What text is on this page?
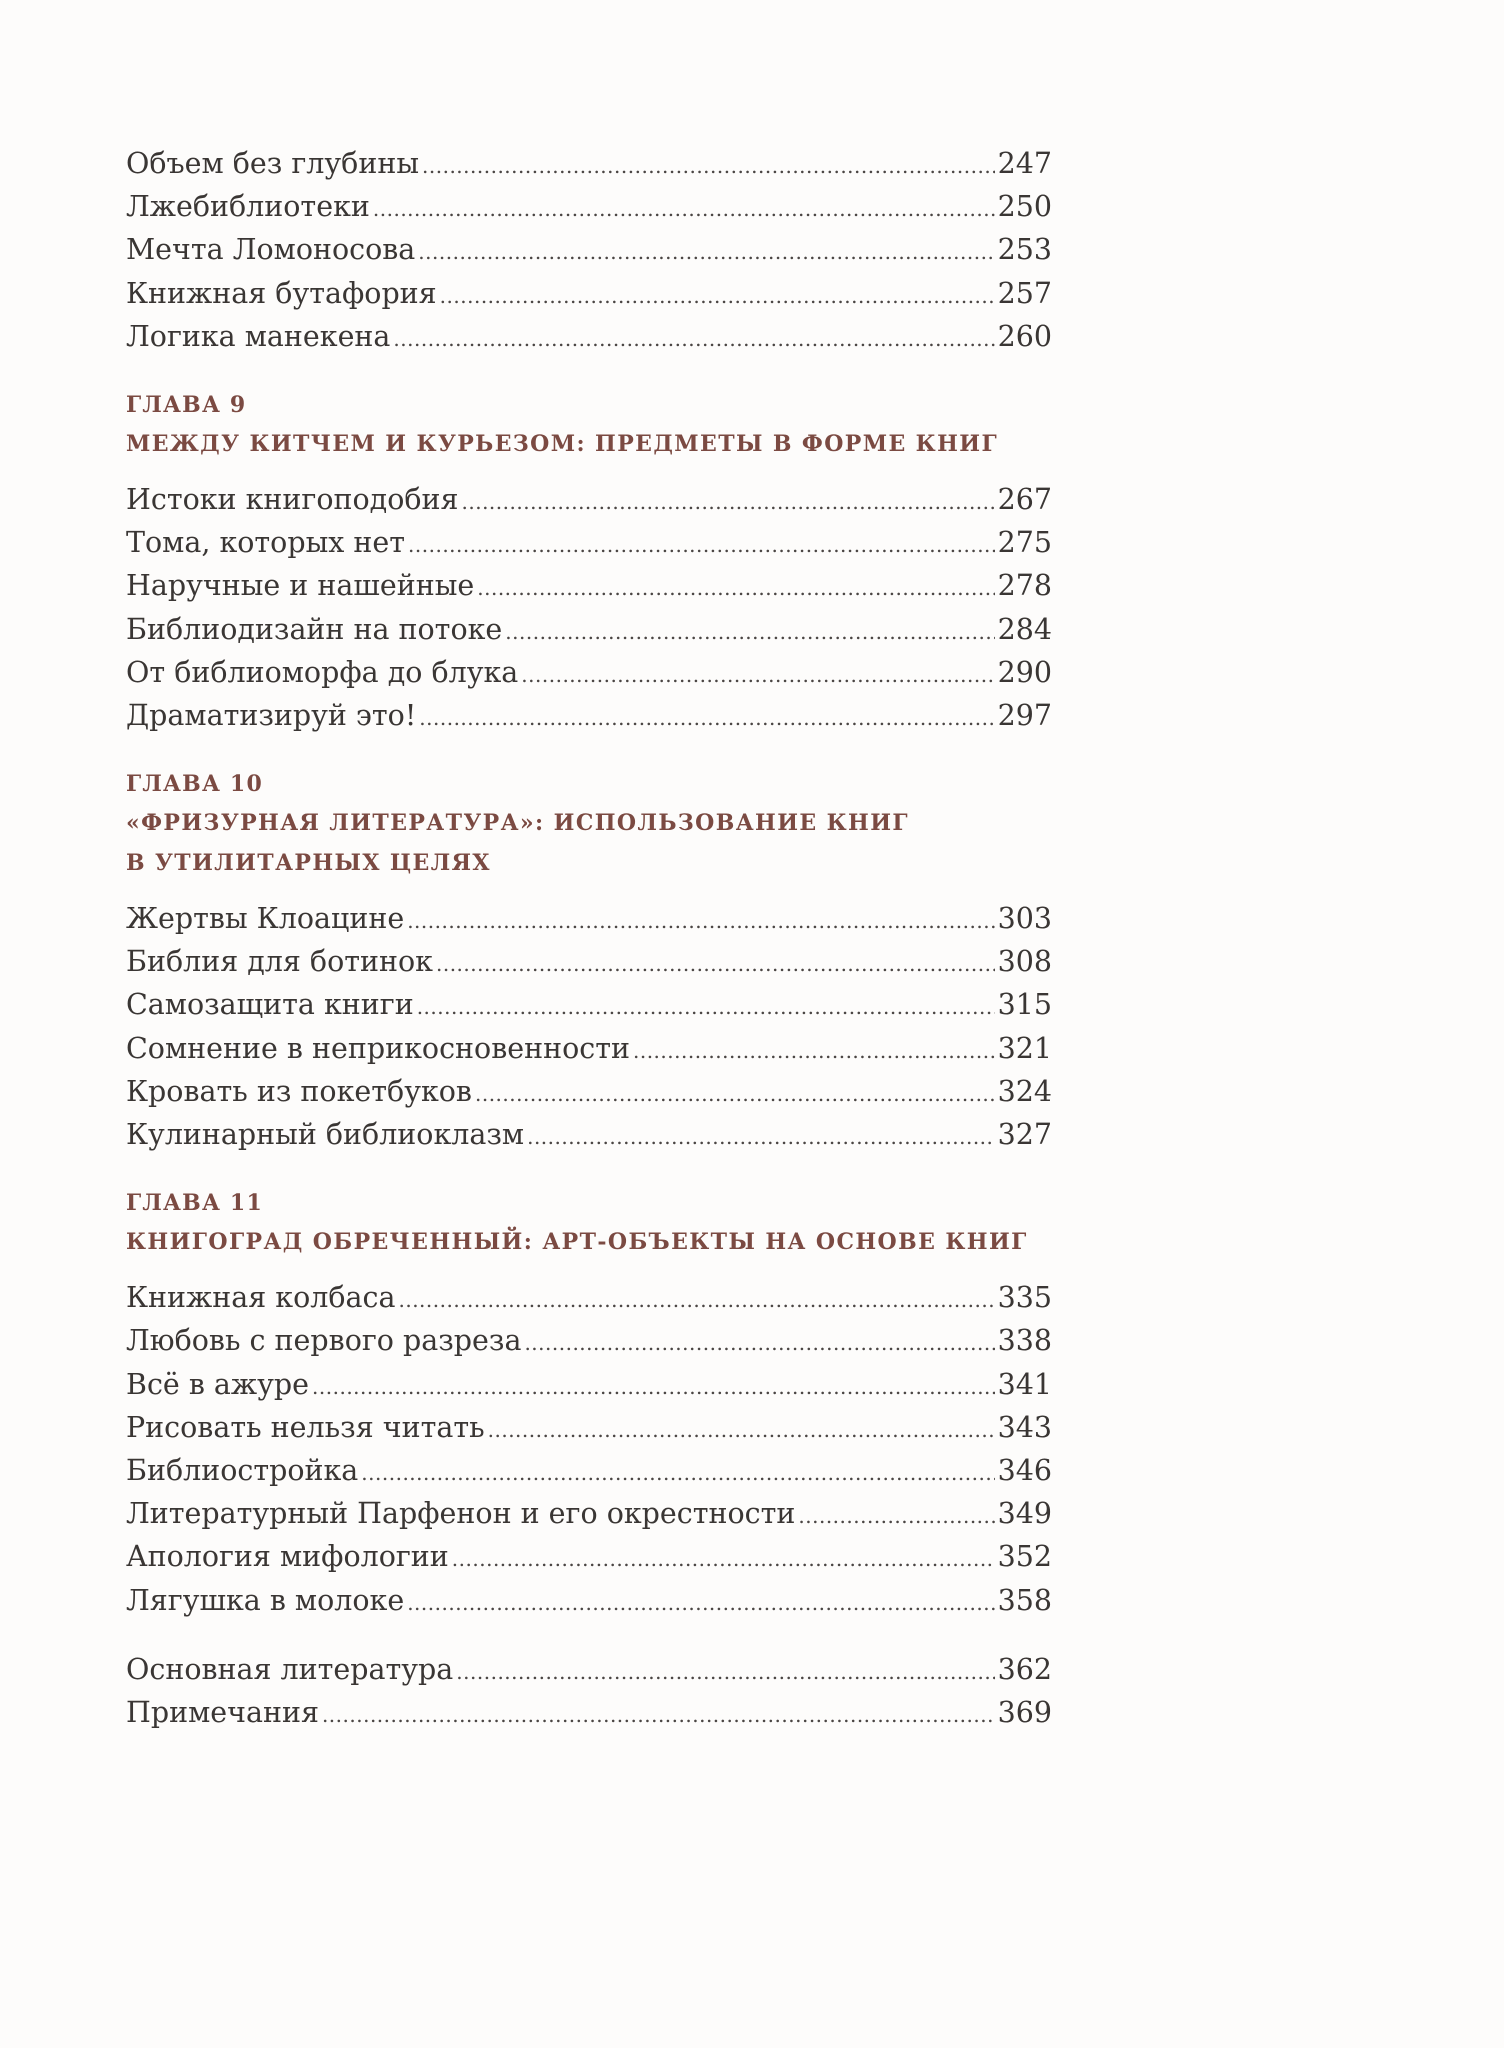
Объем без глубины .....	247
Лжебиблиотеки .....	250
Мечта Ломоносова .....	253
Книжная бутафория .....	257
Логика манекена .....	260
ГЛАВА 9
МЕЖДУ КИТЧЕМ И КУРЬЕЗОМ: ПРЕДМЕТЫ В ФОРМЕ КНИГ
Истоки книгоподобия .....	267
Тома, которых нет .....	275
Наручные и нашейные .....	278
Библиодизайн на потоке .....	284
От библиоморфа до блука .....	290
Драматизируй это! .....	297
ГЛАВА 10
«ФРИЗУРНАЯ ЛИТЕРАТУРА»: ИСПОЛЬЗОВАНИЕ КНИГ
В УТИЛИТАРНЫХ ЦЕЛЯХ
Жертвы Клоацине .....	303
Библия для ботинок .....	308
Самозащита книги .....	315
Сомнение в неприкосновенности .....	321
Кровать из покетбуков .....	324
Кулинарный библиоклазм .....	327
ГЛАВА 11
КНИГОГРАД ОБРЕЧЕННЫЙ: АРТ-ОБЪЕКТЫ НА ОСНОВЕ КНИГ
Книжная колбаса .....	335
Любовь с первого разреза .....	338
Всё в ажуре .....	341
Рисовать нельзя читать .....	343
Библиостройка .....	346
Литературный Парфенон и его окрестности .....	349
Апология мифологии .....	352
Лягушка в молоке .....	358
Основная литература .....	362
Примечания .....	369
